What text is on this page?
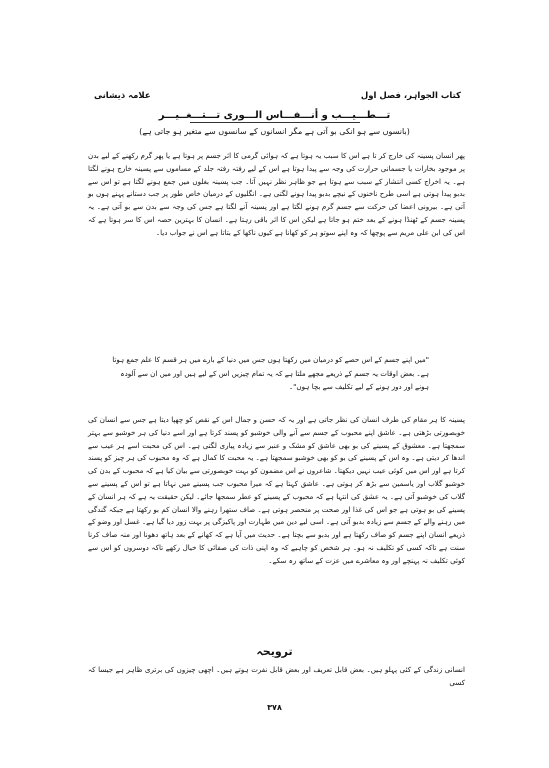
علامہ ذیشانی	کتاب الجواہر، فصل اول
تـــطـــیـــب و أنـــفـــاس الـــوری تـــتـــغــیـــر
(بانسوں سے ہو انکی بو آتی ہے مگر انسانوں کے سانسوں سے متغیر ہو جاتی ہے)

پھر انسان پسینہ کی خارج کر تا ہے اس کا سبب یہ ہوتا ہے کہ ہوائی گرمی کا اثر جسم پر ہوتا ہے یا پھر گرم رکھنے کے لیے بدن پر موجود بخارات یا جسمانی حرارت کی وجہ سے پیدا ہوتا ہے اس کے لیے رفتہ رفتہ جلد کے مساموں سے پسینہ خارج ہونے لگتا ہے۔ یہ اخراج کسی انتشار کے سبب سے ہوتا ہے جو ظاہر نظر نہیں آتا۔ جب پسینہ بغلوں میں جمع ہونے لگتا ہے تو اس سے بدبو پیدا ہوتی ہے اسی طرح ناخنوں کے نیچے بدبو پیدا ہونے لگتی ہے۔ انگلیوں کے درمیان خاص طور پر جب دستانے پہنے ہوں بو آتی ہے۔ بیرونی اعضا کی حرکت سے جسم گرم ہونے لگتا ہے اور پسینہ آنے لگتا ہے جس کی وجہ سے بدن سے بو آتی ہے۔ یہ پسینہ جسم کے ٹھنڈا ہونے کے بعد ختم ہو جاتا ہے لیکن اس کا اثر باقی رہتا ہے۔ انسان کا بہترین حصہ اس کا سر ہوتا ہے کہ اس کی ابن علی مریم سے پوچھا کہ وہ اپنے سوتو ہر کو کھانا ہے کیوں ناکھا کے بتاتا ہے اس نے جواب دیا۔

"میں اپنے جسم کے اس حصے کو درمیان میں رکھتا ہوں جس میں دنیا کے بارے میں ہر قسم کا علم جمع ہوتا ہے۔ بعض اوقات یہ جسم کے ذریعے مجھے ملتا ہے کہ یہ تمام چیزیں اس کے لیے ہیں اور میں ان سے آلودہ ہونے اور دور ہونے کے لیے تکلیف سے بچا ہوں"۔

پسینہ کا ہر مقام کی طرف انسان کی نظر جاتی ہے اور یہ کہ حسن و جمال اس کے نقص کو چھپا دیتا ہے جس سے انسان کی خوبصورتی بڑھتی ہے۔ عاشق اپنے محبوب کے جسم سے آنے والی خوشبو کو پسند کرتا ہے اور اسے دنیا کی ہر خوشبو سے بہتر سمجھتا ہے۔ معشوق کے پسینے کی بو بھی عاشق کو مشک و عنبر سے زیادہ پیاری لگتی ہے۔ اس کی محبت اسے ہر عیب سے اندھا کر دیتی ہے۔ وہ اس کے پسینے کی بو کو بھی خوشبو سمجھتا ہے۔ یہ محبت کا کمال ہے کہ وہ محبوب کی ہر چیز کو پسند کرتا ہے اور اس میں کوئی عیب نہیں دیکھتا۔ شاعروں نے اس مضمون کو بہت خوبصورتی سے بیان کیا ہے کہ محبوب کے بدن کی خوشبو گلاب اور یاسمین سے بڑھ کر ہوتی ہے۔ عاشق کہتا ہے کہ میرا محبوب جب پسینے میں نہاتا ہے تو اس کے پسینے سے گلاب کی خوشبو آتی ہے۔ یہ عشق کی انتہا ہے کہ محبوب کے پسینے کو عطر سمجھا جائے۔ لیکن حقیقت یہ ہے کہ ہر انسان کے پسینے کی بو ہوتی ہے جو اس کی غذا اور صحت پر منحصر ہوتی ہے۔ صاف ستھرا رہنے والا انسان کم بو رکھتا ہے جبکہ گندگی میں رہنے والے کے جسم سے زیادہ بدبو آتی ہے۔ اسی لیے دین میں طہارت اور پاکیزگی پر بہت زور دیا گیا ہے۔ غسل اور وضو کے ذریعے انسان اپنے جسم کو صاف رکھتا ہے اور بدبو سے بچتا ہے۔ حدیث میں آیا ہے کہ کھانے کے بعد ہاتھ دھونا اور منہ صاف کرنا سنت ہے تاکہ کسی کو تکلیف نہ ہو۔ ہر شخص کو چاہیے کہ وہ اپنی ذات کی صفائی کا خیال رکھے تاکہ دوسروں کو اس سے کوئی تکلیف نہ پہنچے اور وہ معاشرے میں عزت کے ساتھ رہ سکے۔

ترویحہ

انسانی زندگی کے کئی پہلو ہیں۔ بعض قابل تعریف اور بعض قابل نفرت ہوتے ہیں۔ اچھی چیزوں کی برتری ظاہر ہے جیسا کہ کسی

۳۷۸
